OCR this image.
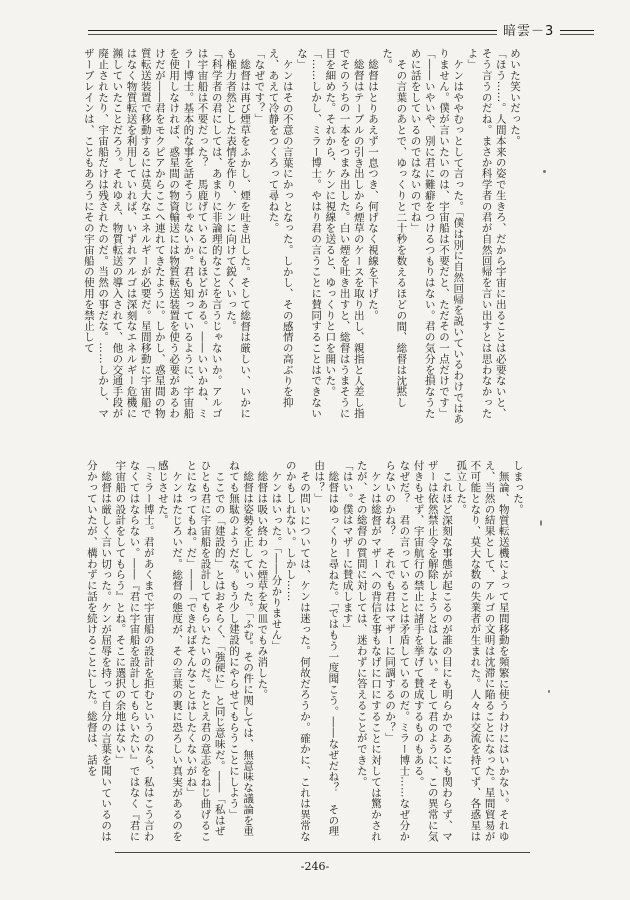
暗雲－3

めいた笑いだった。

「ほう……。人間本来の姿で生きろ、だから宇宙に出ることは必要ないと、そう言うのだね。まさか科学者の君が自然回帰を言い出すとは思わなかったよ」

ケンはややむっとして言った。「僕は別に自然回帰を説いているわけではありません。僕が言いたいのは、宇宙船は不要だと、ただその一点だけです」

「――いやいや、別に君に難癖をつけるつもりはない。君の気分を損なうために話をしているのではないのでね」

その言葉のあとで、ゆっくりと二十秒を数えるほどの間、総督は沈黙した。

総督はとりあえず一息つき、何げなく視線を下げた。

総督はテーブルの引き出しから煙草のケースを取り出し、親指と人差し指でそのうちの一本をつまみ出した。白い煙を吐き出すと、総督はうまそうに目を細めた。それから、ケンに視線を送ると、ゆっくりと口を開いた。

「……しかし、ミラー博士。やはり君の言うことに賛同することはできないな」

ケンはその不意の言葉にかっとなった。しかし、その感情の高ぶりを抑え、あえて冷静をつくろって尋ねた。

「なぜです？」

総督は再び煙草をふかし、煙を吐き出した。そして総督は厳しい、いかにも権力者然とした表情を作り、ケンに向けて鋭くいった。

「科学者の君にしては、あまりに非論理的なことを言うじゃないか。アルゴは宇宙船は不要だった？　馬鹿げているにもほどがある。――いいかね、ミラー博士。基本的な事を話そうじゃないか。君も知っているように、宇宙船を使用しなければ、惑星間の物資輸送には物質転送装置を使う必要があるわけだが――君をモクピアからここへ連れてきたように。しかし、惑星間の物質転送装置で移動するには莫大なエネルギーが必要だ。星間移動に宇宙船ではなく物質転送を利用していれば、いずれアルゴは深刻なエネルギー危機に瀕していたことだろう。それゆえ、物質転送の導入されて、他の交通手段が廃止されたり、宇宙船だけは残されたのだ。当然の事だな。……しかし、マザーブレインは、こともあろうにその宇宙船の使用を禁止して

しまった。

無論、物質転送機によって星間移動を頻繁に使うわけにはいかない。それゆえ、当然の結果として、アルゴの文明は沈滞に陥ることになった。星間貿易が不可能となり、莫大な数の失業者が生まれた。人々は交流を持てず、各惑星は孤立した。

これほど深刻な事態が起こるのが誰の目にも明らかであるにも関わらず、マザーは依然禁止令を解除しようとはしない。そして君のように、この異常に気付きもせず、宇宙航行の禁止に諸手を挙げて賛成するものもある。

なぜだ？　君の言っていることは矛盾しているのだ。ミラー博士……なぜ分からないのかね？　それでも君はマザーに同調するのか？」

ケンは総督がマザーへの背信を事もなげに口にすることに対しては驚かされたが、その総督の質問に対しては、迷わずに答えることができた。

「はい。僕はマザーに賛成します」

総督はゆっくりと尋ねた。「ではもう一度聞こう。――なぜだね？　その理由は？」

その問いについては、ケンは迷った。何故だろうか。確かに、これは異常なのかもしれない。しかし……

ケンはいった。「――分かりません」

総督は吸い終わった煙草を灰皿でもみ消した。

総督は姿勢を正していった。「ふむ。その件に関しては、無意味な議論を重ねても無駄のようだな。もう少し建設的にやらせてもらうことにしよう」

ここでの「建設的」とはおそらく、「強硬に」と同じ意味だ。――「私はぜひとも君に宇宙船を設計してもらいたいのだ。たとえ君の意志をねじ曲げることになってもね。だ」――「できればそんなことはしたくないがね」

ケンはたじろいだ。総督の態度が、その言葉の裏に恐ろしい真実があるのを感じさせた。

「ミラー博士。君があくまで宇宙船の設計を拒むというのなら、私はこう言わなくてはならない。――『君に宇宙船を設計してもらいたい』ではなく『君に宇宙船の設計をしてもらう』とね。そこに選択の余地はない」

総督は厳しく言い切った。ケンが屈辱を持って自分の言葉を聞いているのは分かっていたが、構わずに話を続けることにした。総督は、話を

-246-
